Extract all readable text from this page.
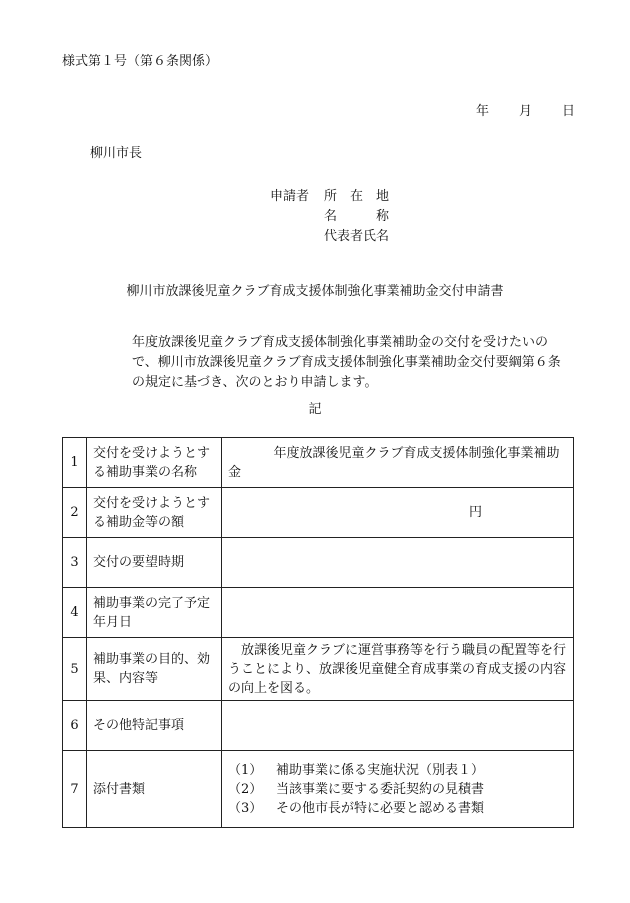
様式第１号（第６条関係）
年 月 日
柳川市長
申請者	所　在　地
名　　　称
代表者氏名
柳川市放課後児童クラブ育成支援体制強化事業補助金交付申請書
年度放課後児童クラブ育成支援体制強化事業補助金の交付を受けたいので、柳川市放課後児童クラブ育成支援体制強化事業補助金交付要綱第６条の規定に基づき、次のとおり申請します。
記
1	交付を受けようとする補助事業の名称	年度放課後児童クラブ育成支援体制強化事業補助金
2	交付を受けようとする補助金等の額	円

3	交付の要望時期	
4	補助事業の完了予定年月日	
5	補助事業の目的、効果、内容等	放課後児童クラブに運営事務等を行う職員の配置等を行うことにより、放課後児童健全育成事業の育成支援の内容の向上を図る。
6	その他特記事項	
7	添付書類	（1） 補助事業に係る実施状況（別表１）
（2） 当該事業に要する委託契約の見積書
（3） その他市長が特に必要と認める書類
